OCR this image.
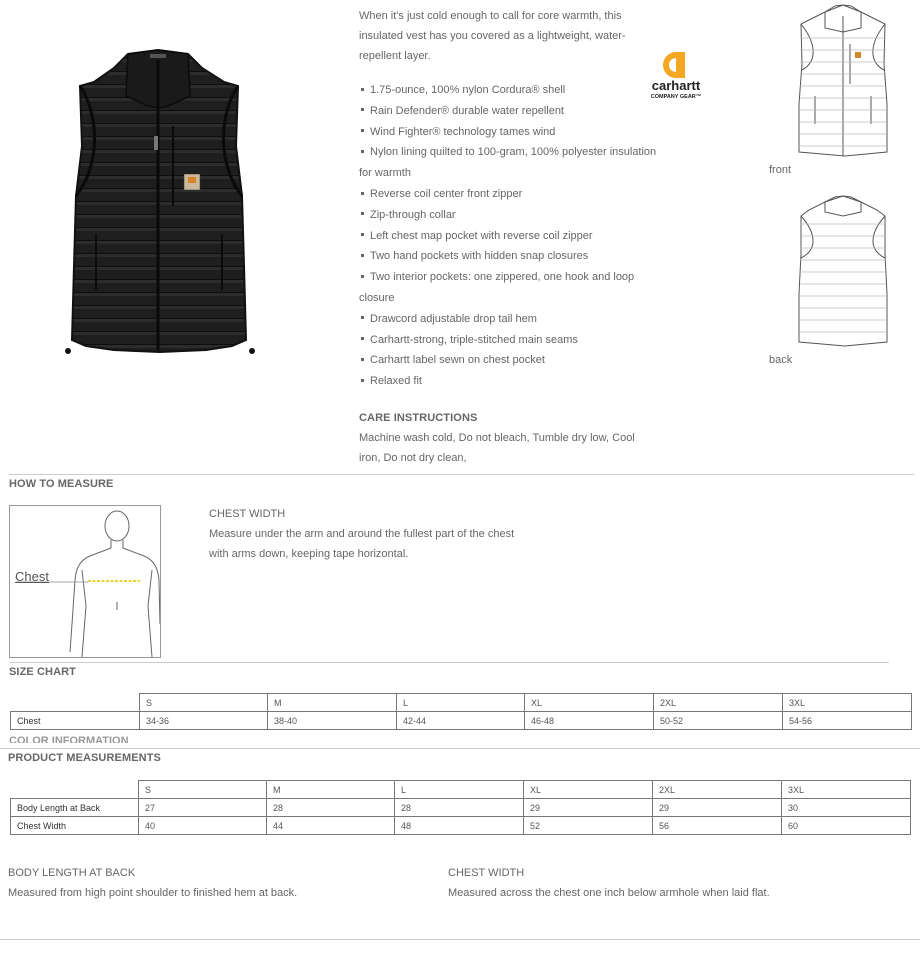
When it's just cold enough to call for core warmth, this insulated vest has you covered as a lightweight, water-repellent layer.
1.75-ounce, 100% nylon Cordura® shell
Rain Defender® durable water repellent
Wind Fighter® technology tames wind
Nylon lining quilted to 100-gram, 100% polyester insulation for warmth
Reverse coil center front zipper
Zip-through collar
Left chest map pocket with reverse coil zipper
Two hand pockets with hidden snap closures
Two interior pockets: one zippered, one hook and loop closure
Drawcord adjustable drop tail hem
Carhartt-strong, triple-stitched main seams
Carhartt label sewn on chest pocket
Relaxed fit
CARE INSTRUCTIONS
Machine wash cold, Do not bleach, Tumble dry low, Cool iron, Do not dry clean,
carhartt
COMPANY GEAR™
front
back
HOW TO MEASURE
Chest
CHEST WIDTH
Measure under the arm and around the fullest part of the chest with arms down, keeping tape horizontal.
SIZE CHART
	S	M	L	XL	2XL	3XL
Chest	34-36	38-40	42-44	46-48	50-52	54-56
COLOR INFORMATION
PRODUCT MEASUREMENTS
	S	M	L	XL	2XL	3XL
Body Length at Back	27	28	28	29	29	30
Chest Width	40	44	48	52	56	60
BODY LENGTH AT BACK
Measured from high point shoulder to finished hem at back.
CHEST WIDTH
Measured across the chest one inch below armhole when laid flat.
